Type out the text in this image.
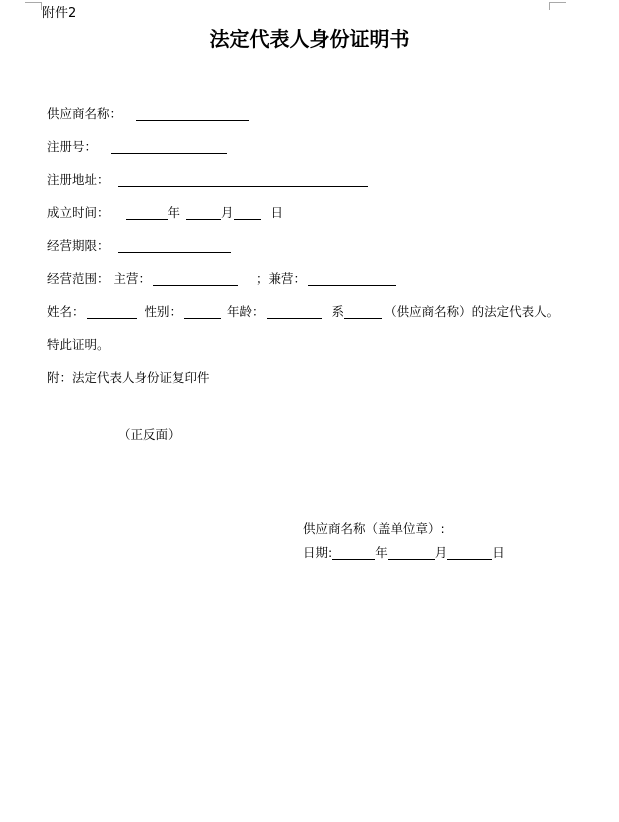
附件2
法定代表人身份证明书
供应商名称：
注册号：
注册地址：
成立时间：	年	月	日
经营期限：
经营范围： 主营：	；兼营：
姓名：	性别：	年龄：	系	（供应商名称）的法定代表人。
特此证明。
附：法定代表人身份证复印件
（正反面）
供应商名称（盖单位章）:
日期:	年	月	日
